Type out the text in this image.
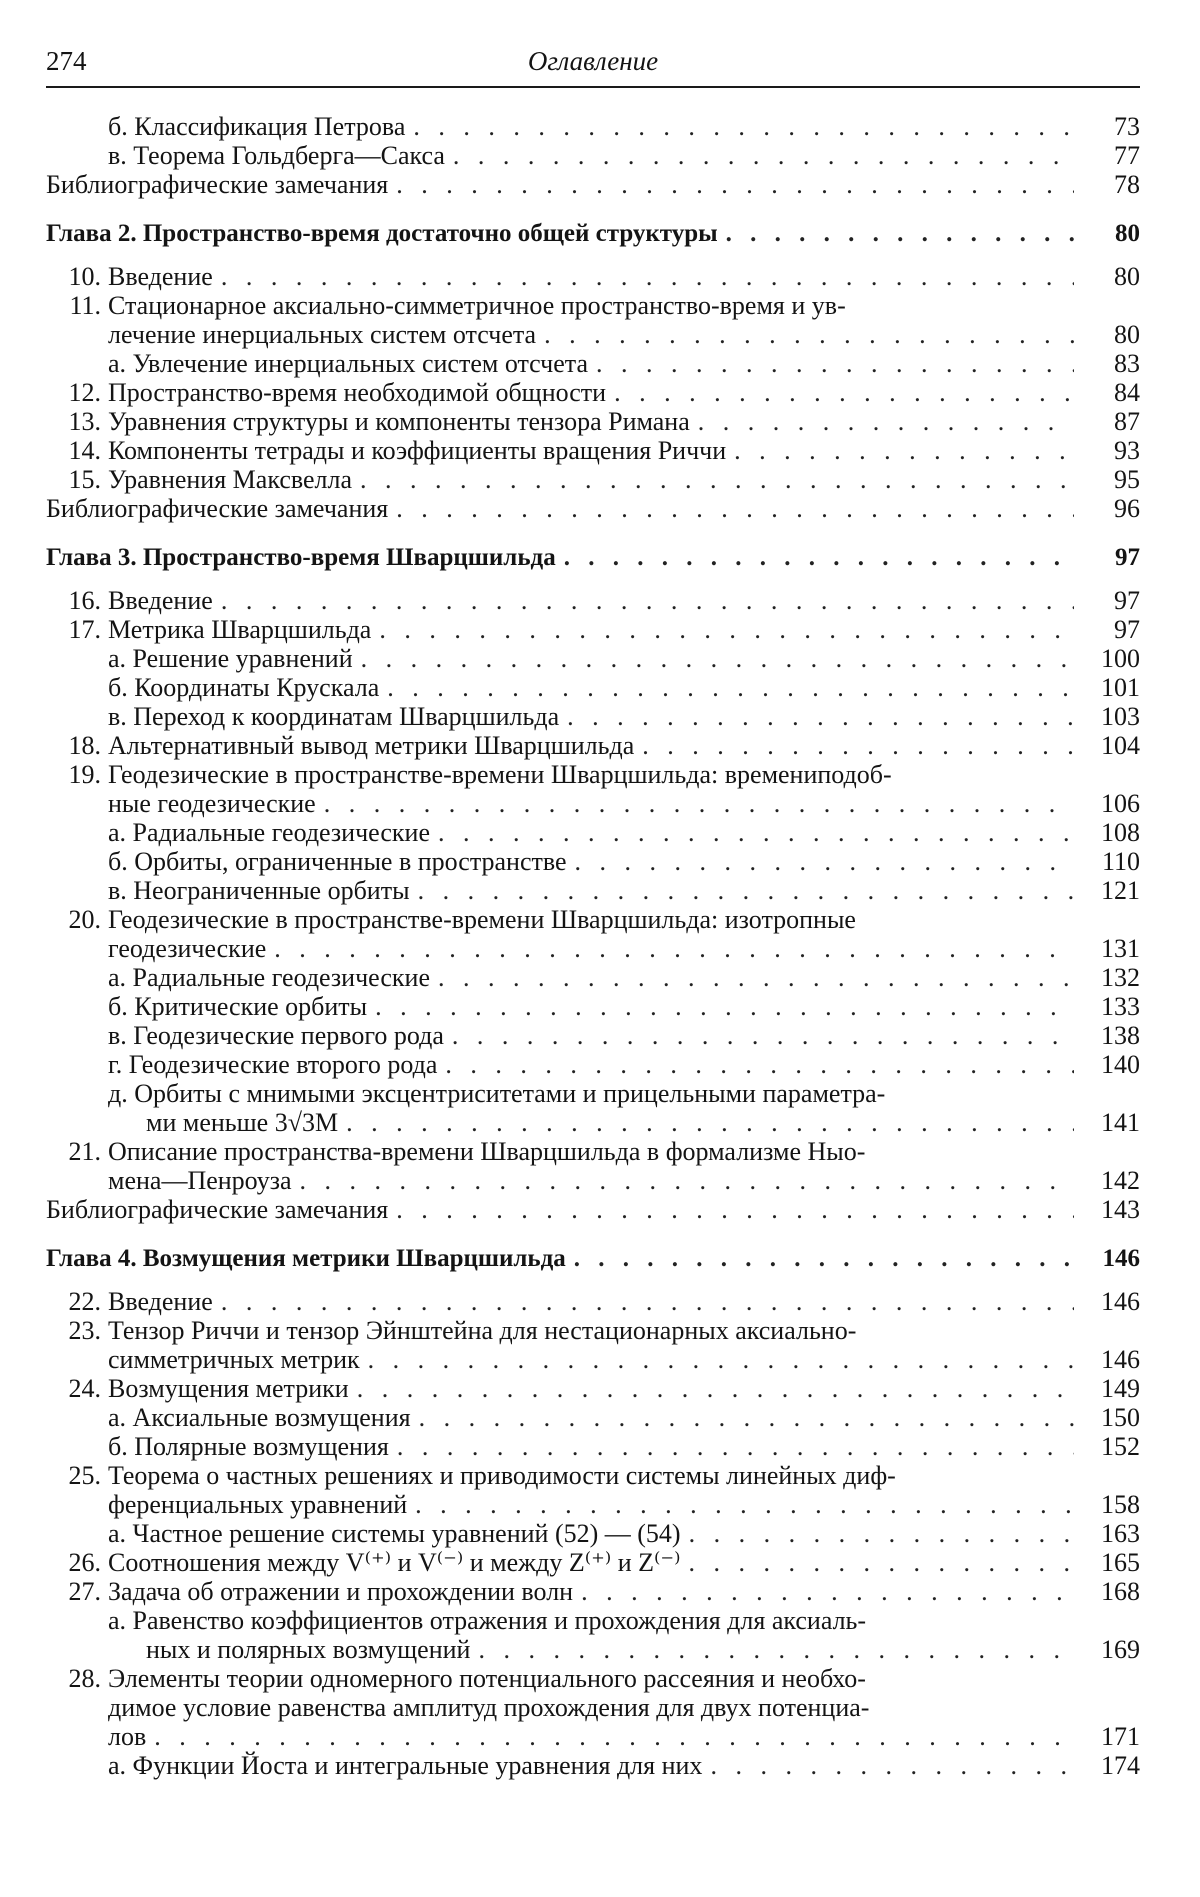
274	Оглавление
б. Классификация Петрова . . .	73
в. Теорема Гольдберга—Сакса . . .	77
Библиографические замечания . . .	78
Глава 2. Пространство-время достаточно общей структуры . . .	80
10. Введение . . .	80
11. Стационарное аксиально-симметричное пространство-время и ув-
лечение инерциальных систем отсчета . . .	80
а. Увлечение инерциальных систем отсчета . . .	83
12. Пространство-время необходимой общности . . .	84
13. Уравнения структуры и компоненты тензора Римана . . .	87
14. Компоненты тетрады и коэффициенты вращения Риччи . . .	93
15. Уравнения Максвелла . . .	95
Библиографические замечания . . .	96
Глава 3. Пространство-время Шварцшильда . . .	97
16. Введение . . .	97
17. Метрика Шварцшильда . . .	97
а. Решение уравнений . . .	100
б. Координаты Крускала . . .	101
в. Переход к координатам Шварцшильда . . .	103
18. Альтернативный вывод метрики Шварцшильда . . .	104
19. Геодезические в пространстве-времени Шварцшильда: времениподоб-
ные геодезические . . .	106
а. Радиальные геодезические . . .	108
б. Орбиты, ограниченные в пространстве . . .	110
в. Неограниченные орбиты . . .	121
20. Геодезические в пространстве-времени Шварцшильда: изотропные
геодезические . . .	131
а. Радиальные геодезические . . .	132
б. Критические орбиты . . .	133
в. Геодезические первого рода . . .	138
г. Геодезические второго рода . . .	140
д. Орбиты с мнимыми эксцентриситетами и прицельными параметра-
ми меньше 3√3M . . .	141
21. Описание пространства-времени Шварцшильда в формализме Ныо-
мена—Пенроуза . . .	142
Библиографические замечания . . .	143
Глава 4. Возмущения метрики Шварцшильда . . .	146
22. Введение . . .	146
23. Тензор Риччи и тензор Эйнштейна для нестационарных аксиально-
симметричных метрик . . .	146
24. Возмущения метрики . . .	149
а. Аксиальные возмущения . . .	150
б. Полярные возмущения . . .	152
25. Теорема о частных решениях и приводимости системы линейных диф-
ференциальных уравнений . . .	158
а. Частное решение системы уравнений (52) — (54) . . .	163
26. Соотношения между V⁽⁺⁾ и V⁽⁻⁾ и между Z⁽⁺⁾ и Z⁽⁻⁾ . . .	165
27. Задача об отражении и прохождении волн . . .	168
а. Равенство коэффициентов отражения и прохождения для аксиаль-
ных и полярных возмущений . . .	169
28. Элементы теории одномерного потенциального рассеяния и необхо-
димое условие равенства амплитуд прохождения для двух потенциа-
лов . . .	171
а. Функции Йоста и интегральные уравнения для них . . .	174
